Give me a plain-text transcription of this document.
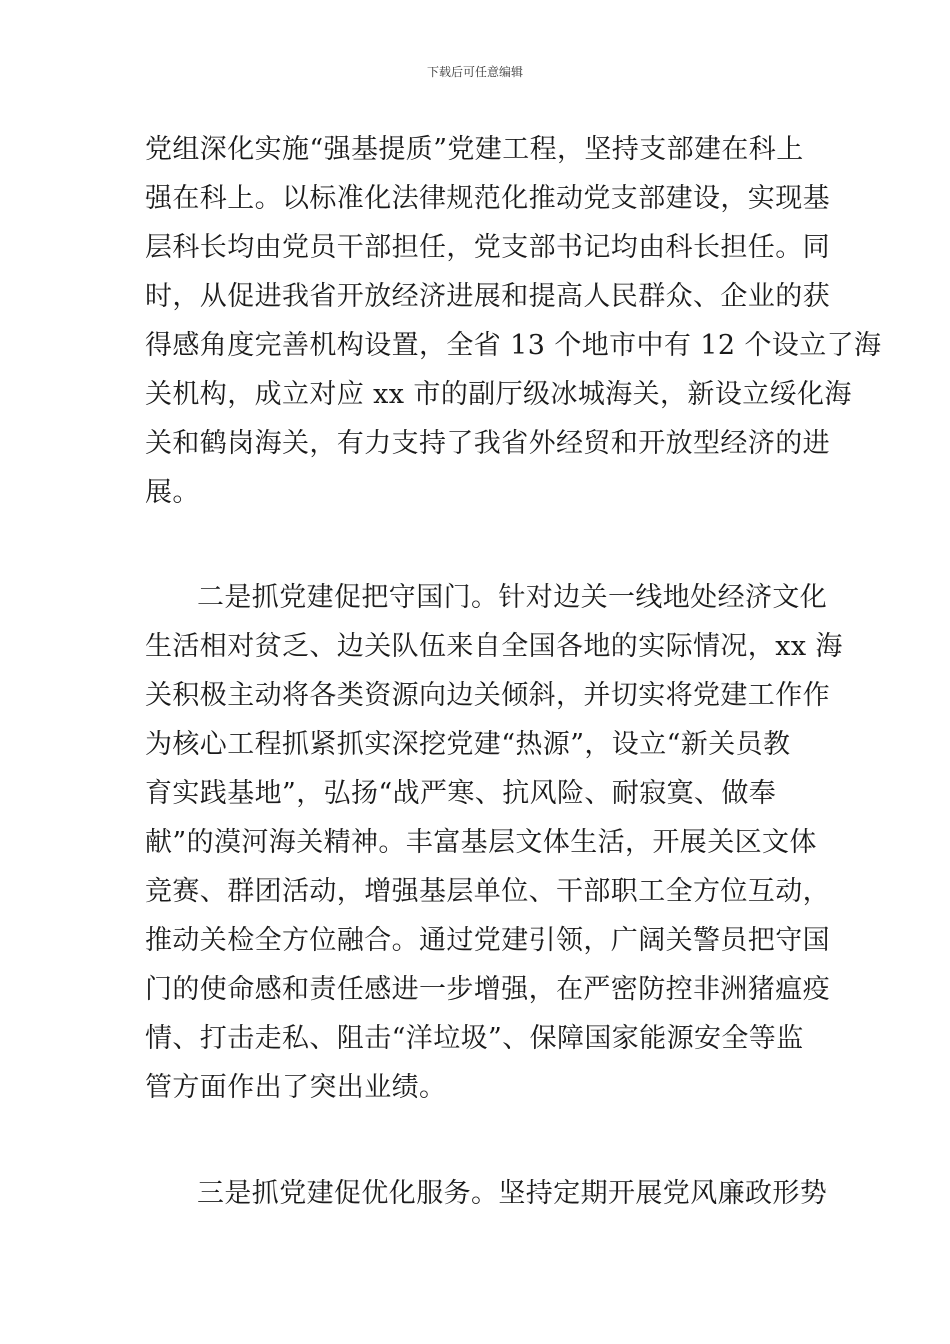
下载后可任意编辑
党组深化实施“强基提质”党建工程，坚持支部建在科上
强在科上。以标准化法律规范化推动党支部建设，实现基
层科长均由党员干部担任，党支部书记均由科长担任。同
时，从促进我省开放经济进展和提高人民群众、企业的获
得感角度完善机构设置，全省 13 个地市中有 12 个设立了海
关机构，成立对应 xx 市的副厅级冰城海关，新设立绥化海
关和鹤岗海关，有力支持了我省外经贸和开放型经济的进
展。
二是抓党建促把守国门。针对边关一线地处经济文化
生活相对贫乏、边关队伍来自全国各地的实际情况，xx 海
关积极主动将各类资源向边关倾斜，并切实将党建工作作
为核心工程抓紧抓实深挖党建“热源”，设立“新关员教
育实践基地”，弘扬“战严寒、抗风险、耐寂寞、做奉
献”的漠河海关精神。丰富基层文体生活，开展关区文体
竞赛、群团活动，增强基层单位、干部职工全方位互动，
推动关检全方位融合。通过党建引领，广阔关警员把守国
门的使命感和责任感进一步增强，在严密防控非洲猪瘟疫
情、打击走私、阻击“洋垃圾”、保障国家能源安全等监
管方面作出了突出业绩。
三是抓党建促优化服务。坚持定期开展党风廉政形势
